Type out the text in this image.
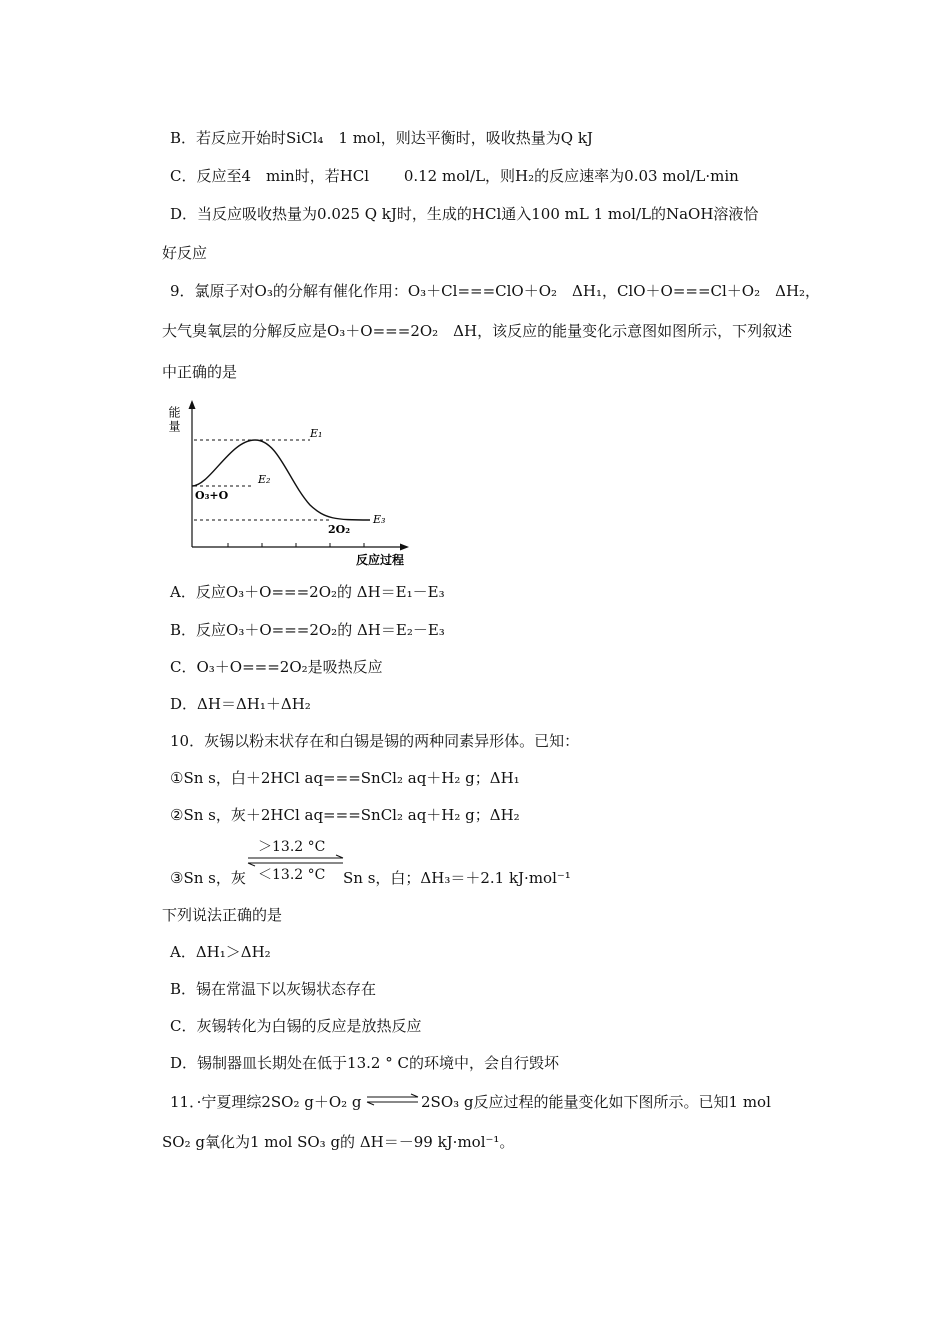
B．若反应开始时SiCl₄　1 mol，则达平衡时，吸收热量为Q kJ
C．反应至4　min时，若HCl　　 0.12 mol/L，则H₂的反应速率为0.03 mol/L·min
D．当反应吸收热量为0.025 Q kJ时，生成的HCl通入100 mL 1 mol/L的NaOH溶液恰
好反应
9．氯原子对O₃的分解有催化作用：O₃＋Cl===ClO＋O₂　ΔH₁，ClO＋O===Cl＋O₂　ΔH₂，
大气臭氧层的分解反应是O₃＋O===2O₂　ΔH，该反应的能量变化示意图如图所示，下列叙述
中正确的是
能量
反应过程
E₁
E₂
E₃
O₃+O
2O₂
A．反应O₃＋O===2O₂的 ΔH＝E₁－E₃
B．反应O₃＋O===2O₂的 ΔH＝E₂－E₃
C．O₃＋O===2O₂是吸热反应
D．ΔH＝ΔH₁＋ΔH₂
10．灰锡以粉末状存在和白锡是锡的两种同素异形体。已知：
①Sn s，白＋2HCl aq===SnCl₂ aq＋H₂ g；ΔH₁
②Sn s，灰＋2HCl aq===SnCl₂ aq＋H₂ g；ΔH₂
③Sn s，灰
＞13.2 °C
＜13.2 °C Sn s，白；ΔH₃＝＋2.1 kJ·mol⁻¹
下列说法正确的是
A．ΔH₁＞ΔH₂
B．锡在常温下以灰锡状态存在
C．灰锡转化为白锡的反应是放热反应
D．锡制器皿长期处在低于13.2 ° C的环境中，会自行毁坏
11．·宁夏理综2SO₂ g＋O₂ g	2SO₃ g反应过程的能量变化如下图所示。已知1 mol
SO₂ g氧化为1 mol SO₃ g的 ΔH＝－99 kJ·mol⁻¹。
